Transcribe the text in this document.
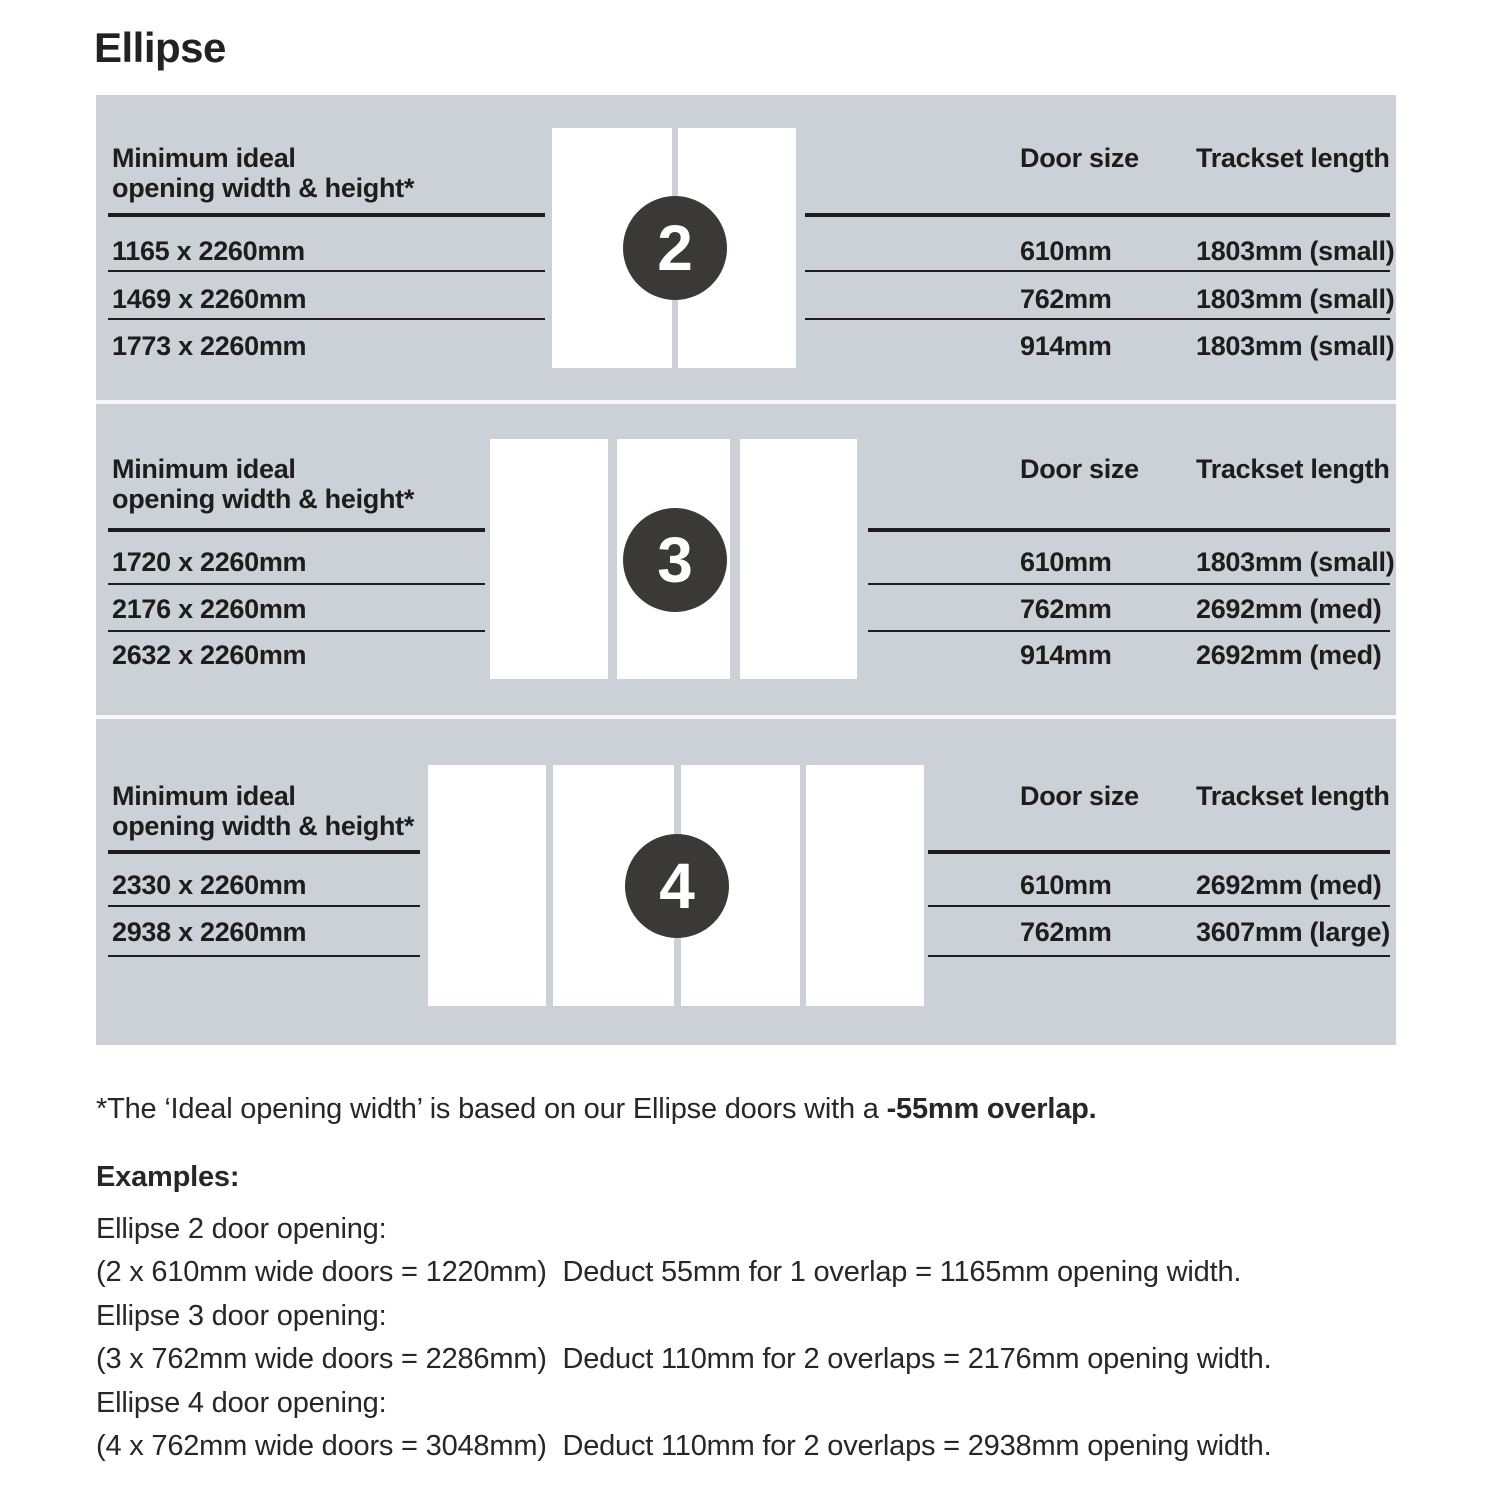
Ellipse
Minimum ideal
opening width & height*
Door size Trackset length
1165 x 2260mm
1469 x 2260mm
1773 x 2260mm
610mm
762mm
914mm
1803mm (small)
1803mm (small)
1803mm (small)
2
Minimum ideal
opening width & height*
Door size Trackset length
1720 x 2260mm
2176 x 2260mm
2632 x 2260mm
610mm
762mm
914mm
1803mm (small)
2692mm (med)
2692mm (med)
3
Minimum ideal
opening width & height*
Door size Trackset length
2330 x 2260mm
2938 x 2260mm
610mm
762mm
2692mm (med)
3607mm (large)
4
*The ‘Ideal opening width’ is based on our Ellipse doors with a -55mm overlap.
Examples:
Ellipse 2 door opening:
(2 x 610mm wide doors = 1220mm)  Deduct 55mm for 1 overlap = 1165mm opening width.
Ellipse 3 door opening:
(3 x 762mm wide doors = 2286mm)  Deduct 110mm for 2 overlaps = 2176mm opening width.
Ellipse 4 door opening:
(4 x 762mm wide doors = 3048mm)  Deduct 110mm for 2 overlaps = 2938mm opening width.
